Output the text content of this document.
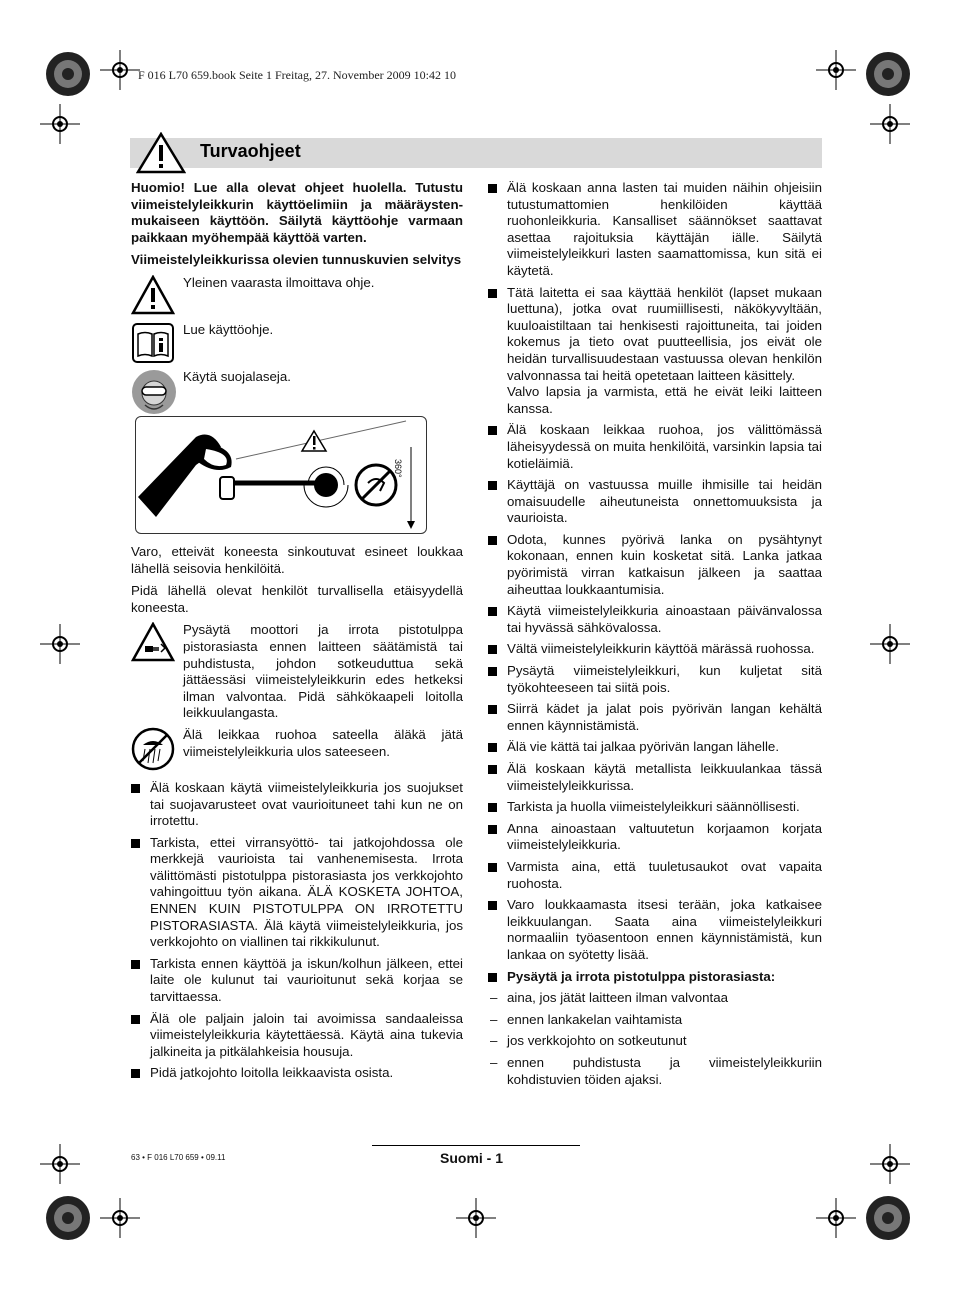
F 016 L70 659.book Seite 1 Freitag, 27. November 2009 10:42 10
Turvaohjeet

Huomio! Lue alla olevat ohjeet huolella. Tutustu viimeistelyleikkurin käyttöelimiin ja määräysten-mukaiseen käyttöön. Säilytä käyttöohje varmaan paikkaan myöhempää käyttöä varten.

Viimeistelyleikkurissa olevien tunnuskuvien selvitys

Yleinen vaarasta ilmoittava ohje.
Lue käyttöohje.
Käytä suojalaseja.
360°

Varo, etteivät koneesta sinkoutuvat esineet loukkaa lähellä seisovia henkilöitä.

Pidä lähellä olevat henkilöt turvallisella etäisyydellä koneesta.

Pysäytä moottori ja irrota pistotulppa pistorasiasta ennen laitteen säätämistä tai puhdistusta, johdon sotkeuduttua sekä jättäessäsi viimeistelyleikkurin edes hetkeksi ilman valvontaa. Pidä sähkökaapeli loitolla leikkuulangasta.
Älä leikkaa ruohoa sateella äläkä jätä viimeistelyleikkuria ulos sateeseen.
Älä koskaan käytä viimeistelyleikkuria jos suojukset tai suojavarusteet ovat vaurioituneet tahi kun ne on irrotettu.
Tarkista, ettei virransyöttö- tai jatkojohdossa ole merkkejä vaurioista tai vanhenemisesta. Irrota välittömästi pistotulppa pistorasiasta jos verkkojohto vahingoittuu työn aikana. ÄLÄ KOSKETA JOHTOA, ENNEN KUIN PISTOTULPPA ON IRROTETTU PISTORASIASTA. Älä käytä viimeistelyleikkuria, jos verkkojohto on viallinen tai rikkikulunut.
Tarkista ennen käyttöä ja iskun/kolhun jälkeen, ettei laite ole kulunut tai vaurioitunut sekä korjaa se tarvittaessa.
Älä ole paljain jaloin tai avoimissa sandaaleissa viimeistelyleikkuria käytettäessä. Käytä aina tukevia jalkineita ja pitkälahkeisia housuja.
Pidä jatkojohto loitolla leikkaavista osista.
Älä koskaan anna lasten tai muiden näihin ohjeisiin tutustumattomien henkilöiden käyttää ruohonleikkuria. Kansalliset säännökset saattavat asettaa rajoituksia käyttäjän iälle. Säilytä viimeistelyleikkuri lasten saamattomissa, kun sitä ei käytetä.
Tätä laitetta ei saa käyttää henkilöt (lapset mukaan luettuna), jotka ovat ruumiillisesti, näkökyvyltään, kuuloaistiltaan tai henkisesti rajoittuneita, tai joiden kokemus ja tieto ovat puutteellisia, jos eivät ole heidän turvallisuudestaan vastuussa olevan henkilön valvonnassa tai heitä opetetaan laitteen käsittely.
Valvo lapsia ja varmista, että he eivät leiki laitteen kanssa.
Älä koskaan leikkaa ruohoa, jos välittömässä läheisyydessä on muita henkilöitä, varsinkin lapsia tai kotieläimiä.
Käyttäjä on vastuussa muille ihmisille tai heidän omaisuudelle aiheutuneista onnettomuuksista ja vaurioista.
Odota, kunnes pyörivä lanka on pysähtynyt kokonaan, ennen kuin kosketat sitä. Lanka jatkaa pyörimistä virran katkaisun jälkeen ja saattaa aiheuttaa loukkaantumisia.
Käytä viimeistelyleikkuria ainoastaan päivänvalossa tai hyvässä sähkövalossa.
Vältä viimeistelyleikkurin käyttöä märässä ruohossa.
Pysäytä viimeistelyleikkuri, kun kuljetat sitä työkohteeseen tai siitä pois.
Siirrä kädet ja jalat pois pyörivän langan kehältä ennen käynnistämistä.
Älä vie kättä tai jalkaa pyörivän langan lähelle.
Älä koskaan käytä metallista leikkuulankaa tässä viimeistelyleikkurissa.
Tarkista ja huolla viimeistelyleikkuri säännöllisesti.
Anna ainoastaan valtuutetun korjaamon korjata viimeistelyleikkuria.
Varmista aina, että tuuletusaukot ovat vapaita ruohosta.
Varo loukkaamasta itsesi terään, joka katkaisee leikkuulangan. Saata aina viimeistelyleikkuri normaaliin työasentoon ennen käynnistämistä, kun lankaa on syötetty lisää.
Pysäytä ja irrota pistotulppa pistorasiasta:
– aina, jos jätät laitteen ilman valvontaa
– ennen lankakelan vaihtamista
– jos verkkojohto on sotkeutunut
– ennen puhdistusta ja viimeistelyleikkuriin kohdistuvien töiden ajaksi.
63 • F 016 L70 659 • 09.11	Suomi - 1
